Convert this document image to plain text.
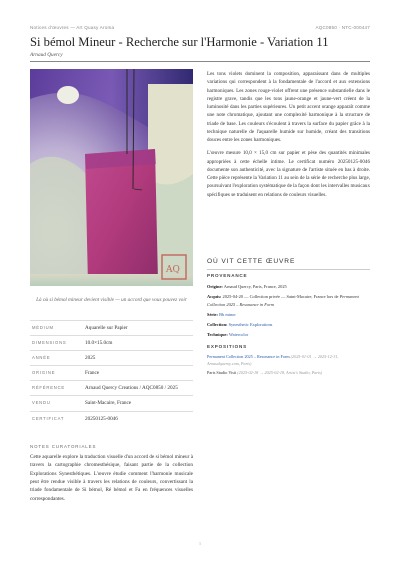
Notices d'œuvres — Art Quasy Aroma	AQC0850 · NTC-000447
Si bémol Mineur - Recherche sur l'Harmonie - Variation 11
Arnaud Quercy
AQ
Là où si bémol mineur devient visible — un accord que vous pouvez voir
MÉDIUM	Aquarelle sur Papier
DIMENSIONS	10.0×15.0cm
ANNÉE	2025
ORIGINE	France
RÉFÉRENCE	Arnaud Quercy Creations / AQC0850 / 2025
VENDU	Saint-Macaire, France
CERTIFICAT	20250125-0046
NOTES CURATORIALES
Cette aquarelle explore la traduction visuelle d'un accord de si bémol mineur à travers la cartographie chromesthésique, faisant partie de la collection Explorations Synesthétiques. L'œuvre étudie comment l'harmonie musicale peut être rendue visible à travers les relations de couleurs, convertissant la triade fondamentale de Si bémol, Ré bémol et Fa en fréquences visuelles correspondantes.

Les tons violets dominent la composition, apparaissant dans de multiples variations qui correspondent à la fondamentale de l'accord et aux extensions harmoniques. Les zones rouge-violet offrent une présence substantielle dans le registre grave, tandis que les tons jaune-orange et jaune-vert créent de la luminosité dans les parties supérieures. Un petit accent orange apparaît comme une note chromatique, ajoutant une complexité harmonique à la structure de triade de base. Les couleurs s'écoulent à travers la surface du papier grâce à la technique naturelle de l'aquarelle humide sur humide, créant des transitions douces entre les zones harmoniques.

L'œuvre mesure 10,0 × 15,0 cm sur papier et pèse des quantités minimales appropriées à cette échelle intime. Le certificat numéro 20250125-0046 documente son authenticité, avec la signature de l'artiste située en bas à droite. Cette pièce représente la Variation 11 au sein de la série de recherche plus large, poursuivant l'exploration systématique de la façon dont les intervalles musicaux spécifiques se traduisent en relations de couleurs visuelles.

OÙ VIT CETTE ŒUVRE
PROVENANCE
Origine: Arnaud Quercy, Paris, France, 2025
Acquis: 2025-04-20 — Collection privée — Saint-Macaire, France lors de Permanent Collection 2025 – Resonance in Form
Série: Bb minor
Collection: Synesthetic Explorations
Technique: Watercolor
EXPOSITIONS
Permanent Collection 2025 – Resonance in Form (2025-01-01 → 2025-12-31, Arnaudqueroy.com, Paris)
Paris Studio Visit (2025-02-18 → 2025-02-18, Artist's Studio, Paris)
1
